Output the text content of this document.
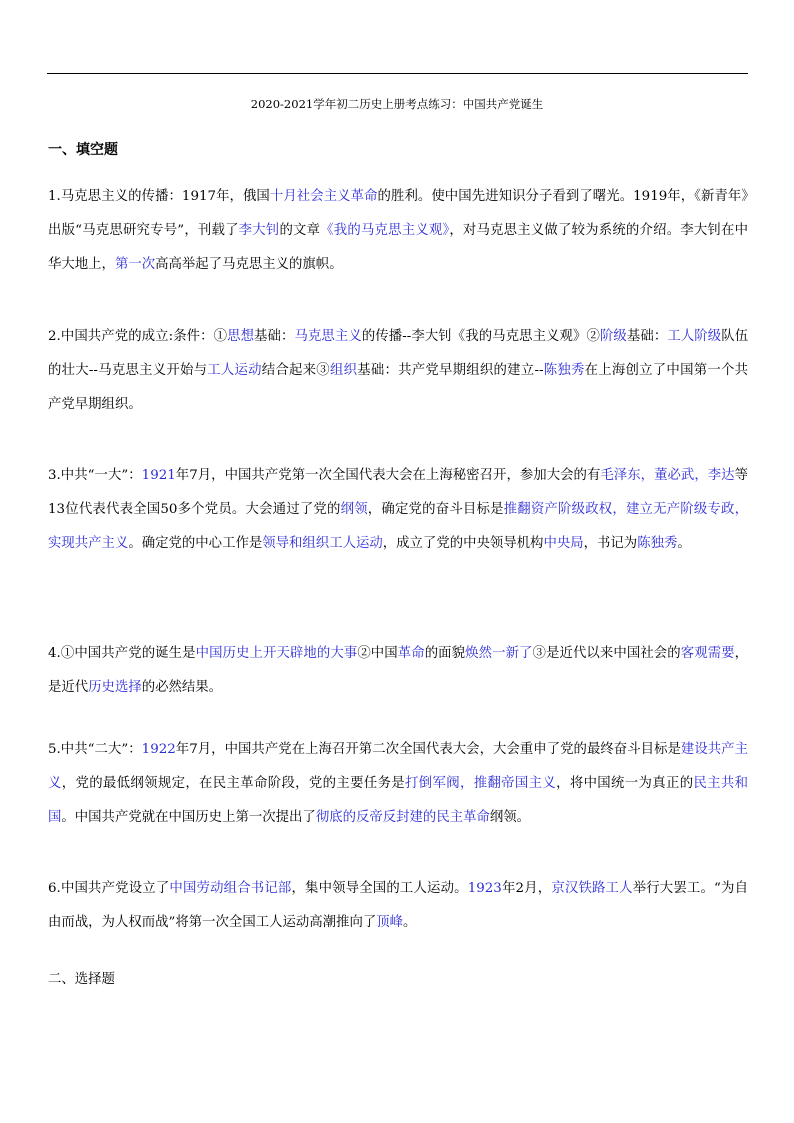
2020-2021学年初二历史上册考点练习：中国共产党诞生
一、填空题

1.马克思主义的传播：1917年，俄国十月社会主义革命的胜利。使中国先进知识分子看到了曙光。1919年，《新青年》出版“马克思研究专号”，刊载了李大钊的文章《我的马克思主义观》，对马克思主义做了较为系统的介绍。李大钊在中华大地上，第一次高高举起了马克思主义的旗帜。

2.中国共产党的成立:条件：①思想基础：马克思主义的传播--李大钊《我的马克思主义观》②阶级基础：工人阶级队伍的壮大--马克思主义开始与工人运动结合起来③组织基础：共产党早期组织的建立--陈独秀在上海创立了中国第一个共产党早期组织。

3.中共“一大”：1921年7月，中国共产党第一次全国代表大会在上海秘密召开，参加大会的有毛泽东，董必武，李达等13位代表代表全国50多个党员。大会通过了党的纲领，确定党的奋斗目标是推翻资产阶级政权，建立无产阶级专政，实现共产主义。确定党的中心工作是领导和组织工人运动，成立了党的中央领导机构中央局，书记为陈独秀。

4.①中国共产党的诞生是中国历史上开天辟地的大事②中国革命的面貌焕然一新了③是近代以来中国社会的客观需要，是近代历史选择的必然结果。

5.中共“二大”：1922年7月，中国共产党在上海召开第二次全国代表大会，大会重申了党的最终奋斗目标是建设共产主义，党的最低纲领规定，在民主革命阶段，党的主要任务是打倒军阀，推翻帝国主义，将中国统一为真正的民主共和国。中国共产党就在中国历史上第一次提出了彻底的反帝反封建的民主革命纲领。

6.中国共产党设立了中国劳动组合书记部，集中领导全国的工人运动。1923年2月，京汉铁路工人举行大罢工。“为自由而战，为人权而战”将第一次全国工人运动高潮推向了顶峰。

二、选择题
